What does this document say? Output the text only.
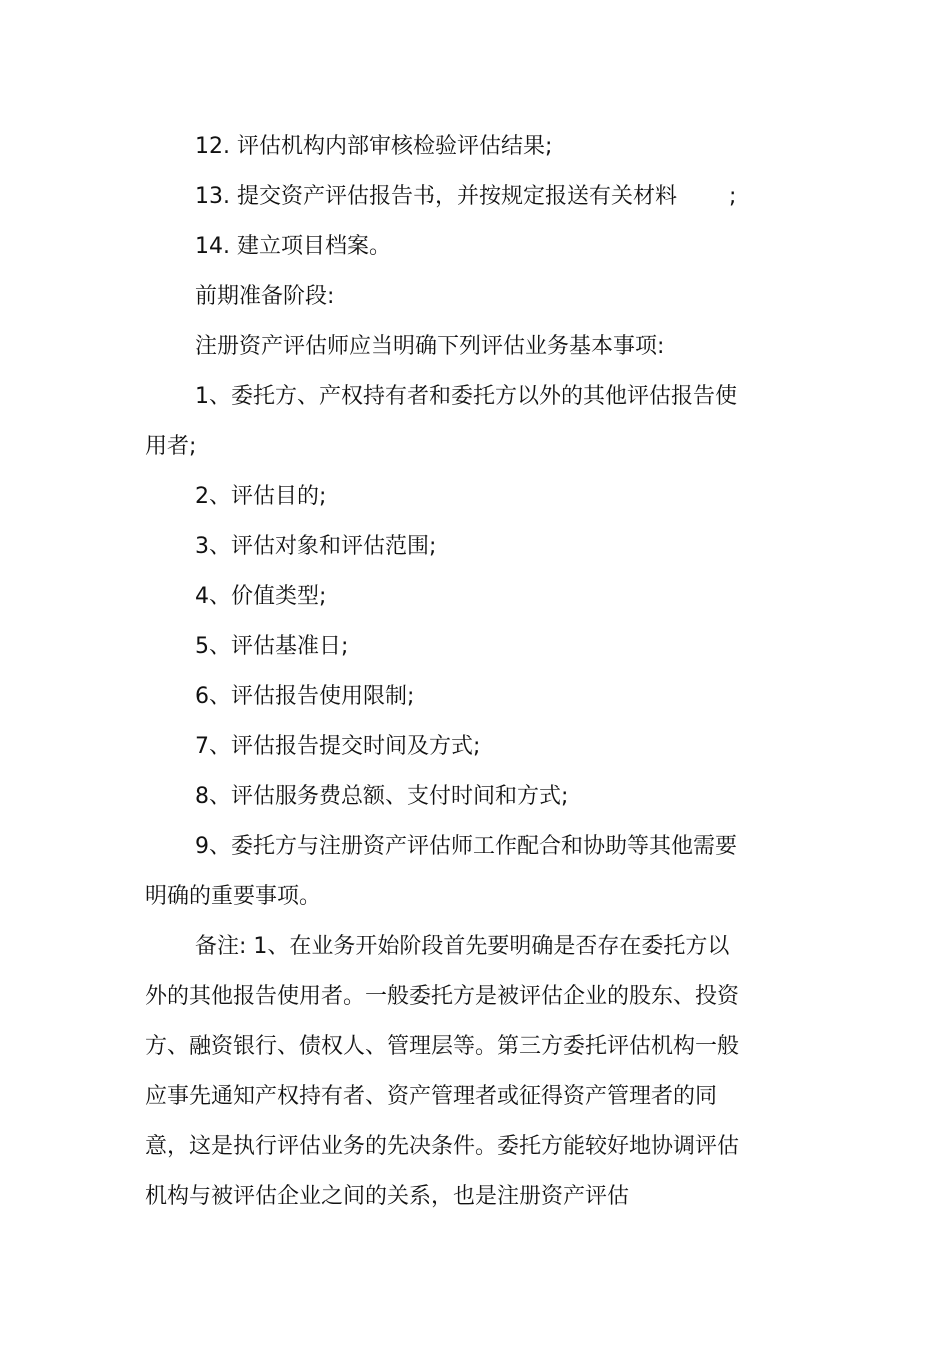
12. 评估机构内部审核检验评估结果;

13. 提交资产评估报告书，并按规定报送有关材料 ;

14. 建立项目档案。

前期准备阶段:

注册资产评估师应当明确下列评估业务基本事项:

1、委托方、产权持有者和委托方以外的其他评估报告使用者;

2、评估目的;

3、评估对象和评估范围;

4、价值类型;

5、评估基准日;

6、评估报告使用限制;

7、评估报告提交时间及方式;

8、评估服务费总额、支付时间和方式;

9、委托方与注册资产评估师工作配合和协助等其他需要明确的重要事项。

备注: 1、在业务开始阶段首先要明确是否存在委托方以外的其他报告使用者。一般委托方是被评估企业的股东、投资方、融资银行、债权人、管理层等。第三方委托评估机构一般应事先通知产权持有者、资产管理者或征得资产管理者的同意，这是执行评估业务的先决条件。委托方能较好地协调评估机构与被评估企业之间的关系，也是注册资产评估
